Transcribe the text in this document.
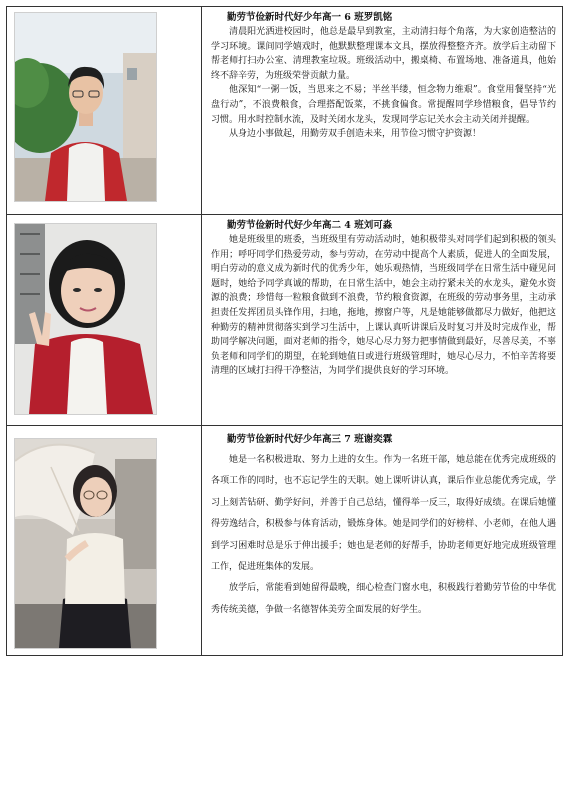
勤劳节俭新时代好少年高一 6 班罗凯铭

清晨阳光洒进校园时，他总是最早到教室，主动清扫每个角落，为大家创造整洁的学习环境。课间同学嬉戏时，他默默整理课本文具，摆放得整整齐齐。放学后主动留下帮老师打扫办公室、清理教室垃圾。班级活动中，搬桌椅、布置场地、准备道具，他始终不辞辛劳，为班级荣誉贡献力量。

他深知“一粥一饭，当思来之不易；半丝半缕，恒念物力维艰”。食堂用餐坚持“光盘行动”，不浪费粮食，合理搭配饭菜，不挑食偏食。常提醒同学珍惜粮食，倡导节约习惯。用水时控制水流，及时关闭水龙头，发现同学忘记关水会主动关闭并提醒。

从身边小事做起，用勤劳双手创造未来，用节俭习惯守护资源！

勤劳节俭新时代好少年高二 4 班刘可淼

她是班级里的班委，当班级里有劳动活动时，她积极带头对同学们起到积极的领头作用；呼吁同学们热爱劳动，参与劳动，在劳动中提高个人素质，促进人的全面发展，明白劳动的意义成为新时代的优秀少年，她乐观热情，当班级同学在日常生活中碰见问题时，她给予同学真诚的帮助，在日常生活中，她会主动拧紧未关的水龙头，避免水资源的浪费；珍惜每一粒粮食做到不浪费，节约粮食资源，在班级的劳动事务里，主动承担责任发挥团员头锋作用，扫地，拖地，擦窗户等，凡是她能够做都尽力做好，他把这种勤劳的精神贯彻落实到学习生活中，上课认真听讲课后及时复习并及时完成作业，帮助同学解决问题，面对老师的指令，她尽心尽力努力把事情做到最好，尽善尽美，不辜负老师和同学们的期望，在轮到她值日或进行班级管理时，她尽心尽力，不怕辛苦将要清理的区域打扫得干净整洁，为同学们提供良好的学习环境。

勤劳节俭新时代好少年高三 7 班谢奕霖

她是一名积极进取、努力上进的女生。作为一名班干部，她总能在优秀完成班级的各项工作的同时，也不忘记学生的天职。她上课听讲认真，课后作业总能优秀完成，学习上刻苦钻研、勤学好问，并善于自己总结，懂得举一反三，取得好成绩。在课后她懂得劳逸结合，积极参与体育活动，锻炼身体。她是同学们的好榜样、小老师，在他人遇到学习困难时总是乐于伸出援手；她也是老师的好帮手，协助老师更好地完成班级管理工作，促进班集体的发展。

放学后，常能看到她留得最晚，细心检查门窗水电，积极践行着勤劳节俭的中华优秀传统美德，争做一名德智体美劳全面发展的好学生。
